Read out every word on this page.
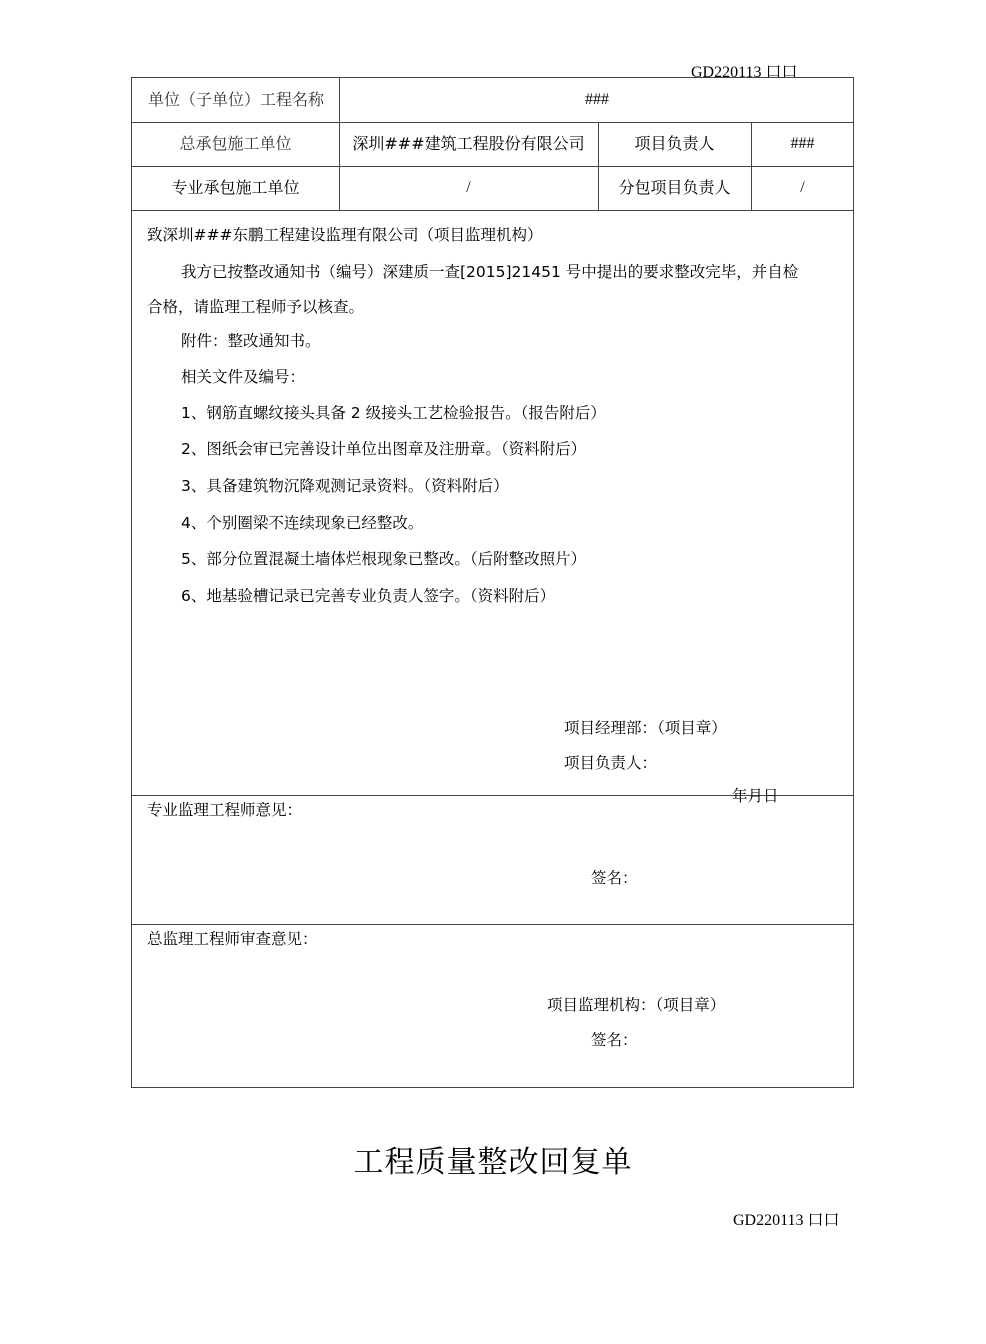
GD220113 口口
单位（子单位）工程名称	###
总承包施工单位	深圳###建筑工程股份有限公司	项目负责人	###
专业承包施工单位	/	分包项目负责人	/
致深圳###东鹏工程建设监理有限公司（项目监理机构）
我方已按整改通知书（编号）深建质一查[2015]21451 号中提出的要求整改完毕，并自检
合格，请监理工程师予以核查。
附件：整改通知书。
相关文件及编号：
1、钢筋直螺纹接头具备 2 级接头工艺检验报告。（报告附后）
2、图纸会审已完善设计单位出图章及注册章。（资料附后）
3、具备建筑物沉降观测记录资料。（资料附后）
4、个别圈梁不连续现象已经整改。
5、部分位置混凝土墙体烂根现象已整改。（后附整改照片）
6、地基验槽记录已完善专业负责人签字。（资料附后）
项目经理部：（项目章）
项目负责人：
年月日
专业监理工程师意见：
签名：
总监理工程师审查意见：
项目监理机构：（项目章）
签名：
工程质量整改回复单
GD220113 口口
